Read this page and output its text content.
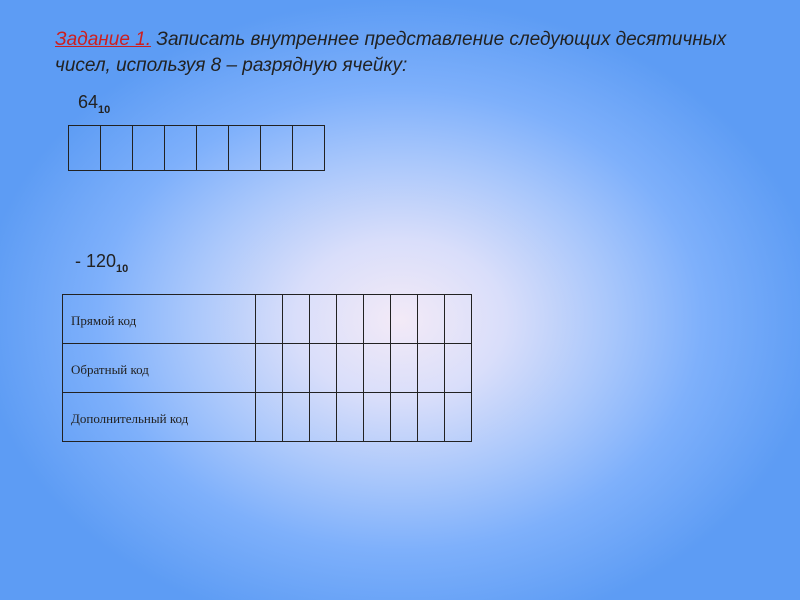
Задание 1. Записать внутреннее представление следующих десятичных чисел, используя 8 – разрядную ячейку:
$64_{10}$

- $120_{10}$
Прямой код								
Обратный код								
Дополнительный код								
